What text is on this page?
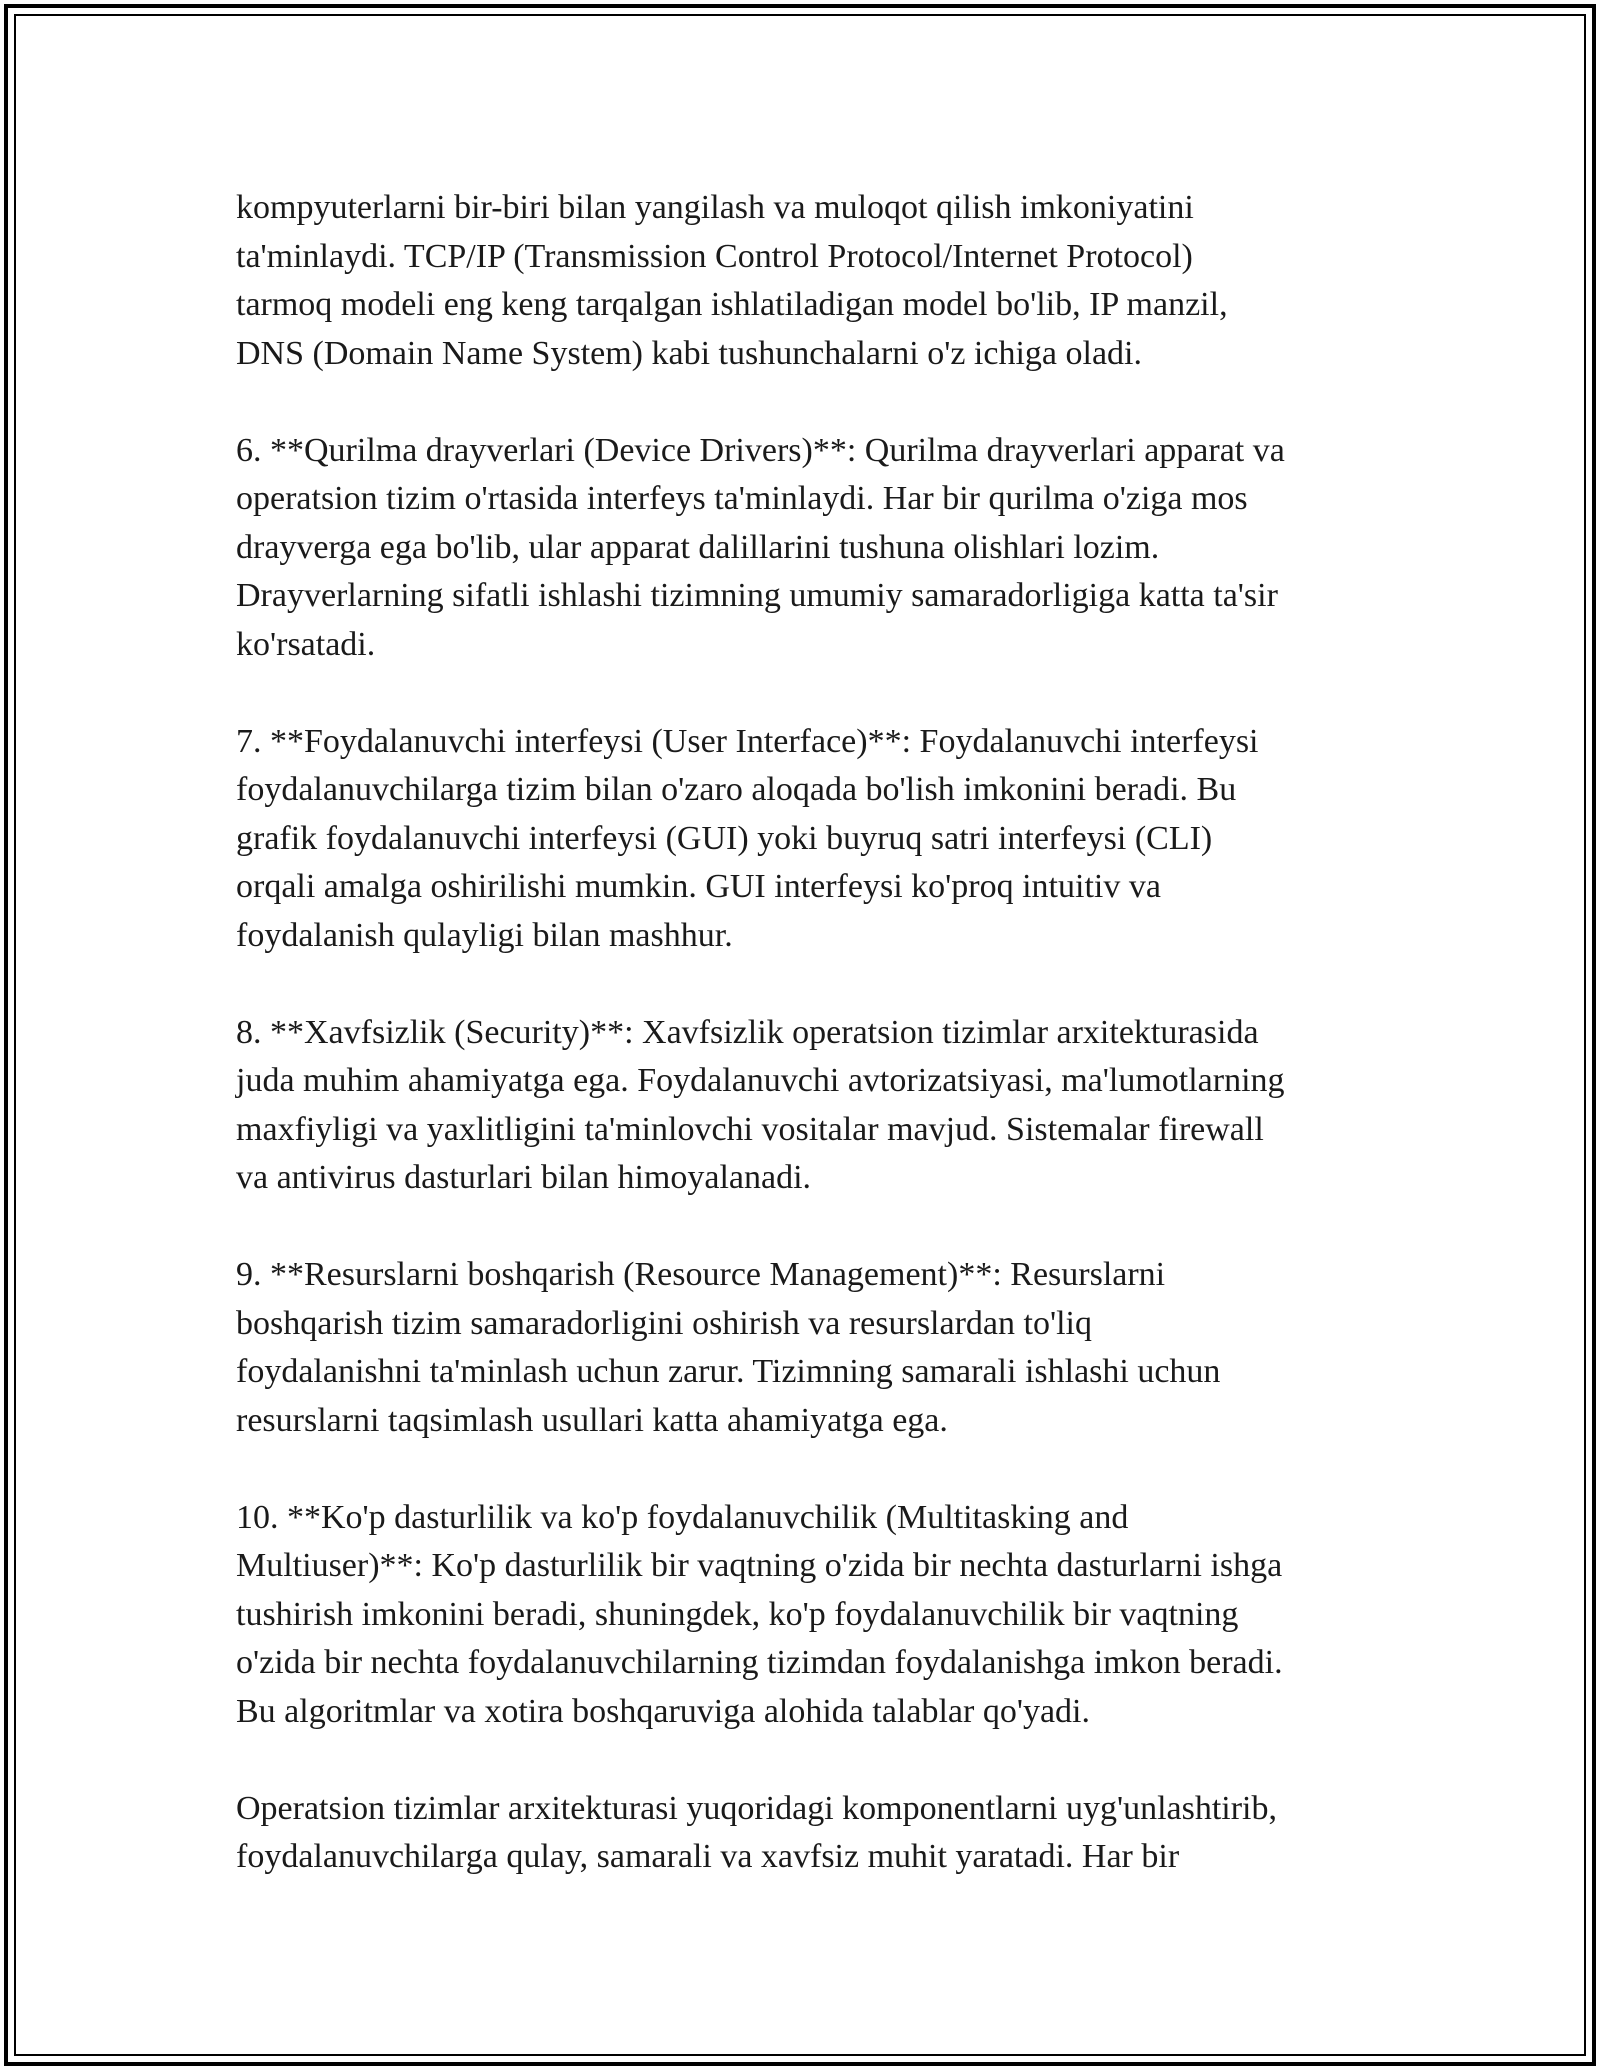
kompyuterlarni bir-biri bilan yangilash va muloqot qilish imkoniyatini
ta'minlaydi. TCP/IP (Transmission Control Protocol/Internet Protocol)
tarmoq modeli eng keng tarqalgan ishlatiladigan model bo'lib, IP manzil,
DNS (Domain Name System) kabi tushunchalarni o'z ichiga oladi.

6. **Qurilma drayverlari (Device Drivers)**: Qurilma drayverlari apparat va
operatsion tizim o'rtasida interfeys ta'minlaydi. Har bir qurilma o'ziga mos
drayverga ega bo'lib, ular apparat dalillarini tushuna olishlari lozim.
Drayverlarning sifatli ishlashi tizimning umumiy samaradorligiga katta ta'sir
ko'rsatadi.

7. **Foydalanuvchi interfeysi (User Interface)**: Foydalanuvchi interfeysi
foydalanuvchilarga tizim bilan o'zaro aloqada bo'lish imkonini beradi. Bu
grafik foydalanuvchi interfeysi (GUI) yoki buyruq satri interfeysi (CLI)
orqali amalga oshirilishi mumkin. GUI interfeysi ko'proq intuitiv va
foydalanish qulayligi bilan mashhur.

8. **Xavfsizlik (Security)**: Xavfsizlik operatsion tizimlar arxitekturasida
juda muhim ahamiyatga ega. Foydalanuvchi avtorizatsiyasi, ma'lumotlarning
maxfiyligi va yaxlitligini ta'minlovchi vositalar mavjud. Sistemalar firewall
va antivirus dasturlari bilan himoyalanadi.

9. **Resurslarni boshqarish (Resource Management)**: Resurslarni
boshqarish tizim samaradorligini oshirish va resurslardan to'liq
foydalanishni ta'minlash uchun zarur. Tizimning samarali ishlashi uchun
resurslarni taqsimlash usullari katta ahamiyatga ega.

10. **Ko'p dasturlilik va ko'p foydalanuvchilik (Multitasking and
Multiuser)**: Ko'p dasturlilik bir vaqtning o'zida bir nechta dasturlarni ishga
tushirish imkonini beradi, shuningdek, ko'p foydalanuvchilik bir vaqtning
o'zida bir nechta foydalanuvchilarning tizimdan foydalanishga imkon beradi.
Bu algoritmlar va xotira boshqaruviga alohida talablar qo'yadi.

Operatsion tizimlar arxitekturasi yuqoridagi komponentlarni uyg'unlashtirib,
foydalanuvchilarga qulay, samarali va xavfsiz muhit yaratadi. Har bir
